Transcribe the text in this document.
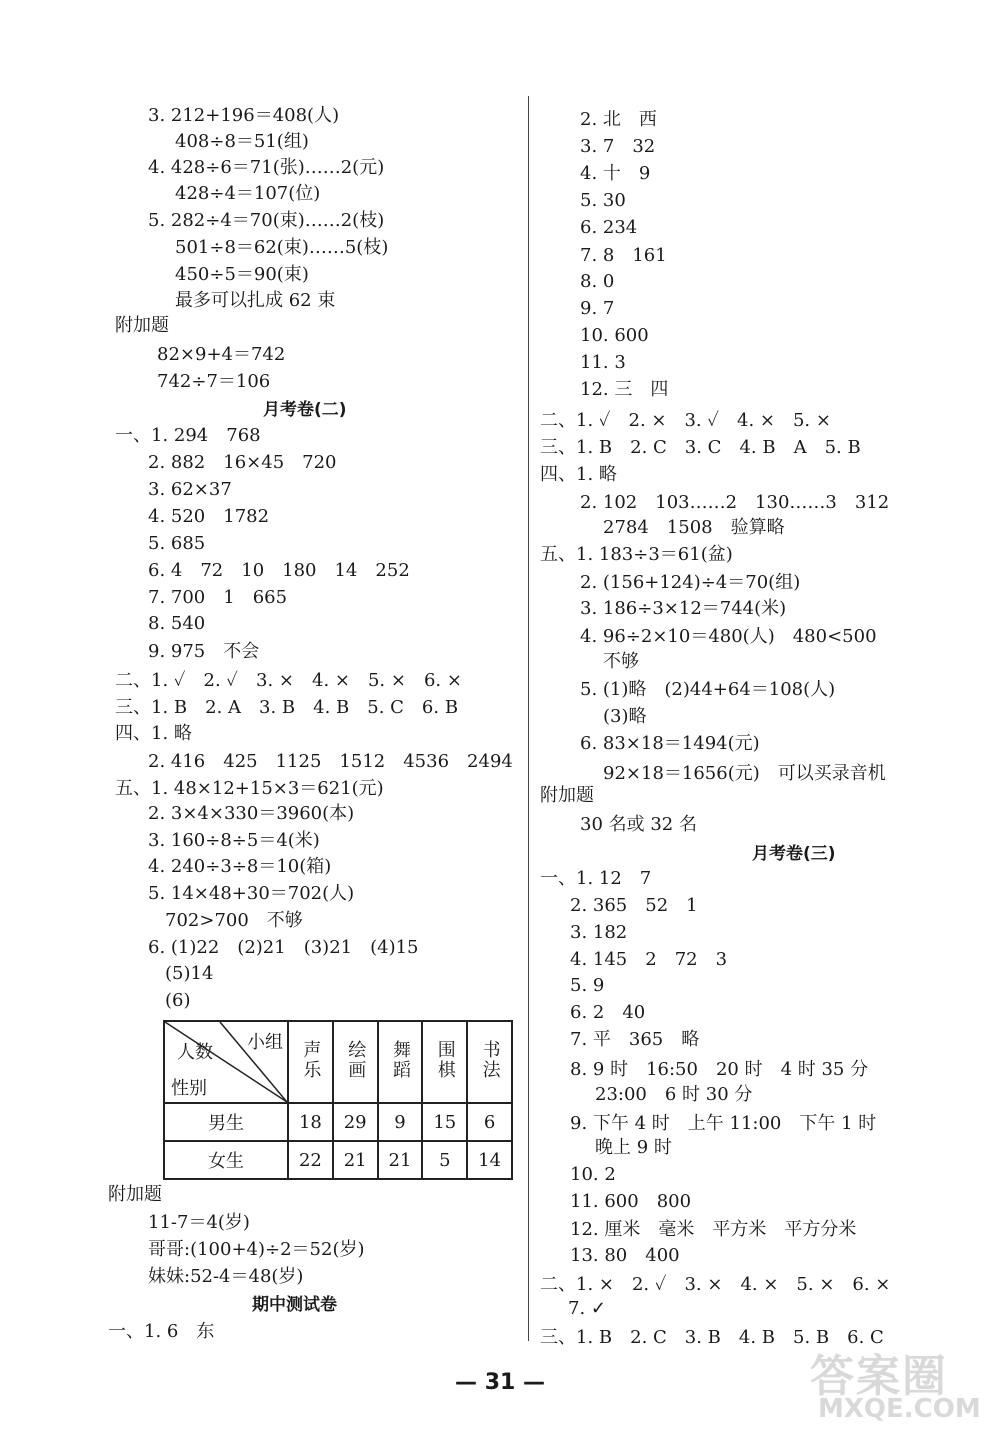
3. 212+196＝408(人)
408÷8＝51(组)
4. 428÷6＝71(张)……2(元)
428÷4＝107(位)
5. 282÷4＝70(束)……2(枝)
501÷8＝62(束)……5(枝)
450÷5＝90(束)
最多可以扎成 62 束
附加题
82×9+4＝742
742÷7＝106
月考卷(二)
一、1. 294　768
2. 882　16×45　720
3. 62×37
4. 520　1782
5. 685
6. 4　72　10　180　14　252
7. 700　1　665
8. 540
9. 975　不会
二、1. ✓　2. ✓　3. ×　4. ×　5. ×　6. ×
三、1. B　2. A　3. B　4. B　5. C　6. B
四、1. 略
2. 416　425　1125　1512　4536　2494
五、1. 48×12+15×3＝621(元)
2. 3×4×330＝3960(本)
3. 160÷8÷5＝4(米)
4. 240÷3÷8＝10(箱)
5. 14×48+30＝702(人)
702>700　不够
6. (1)22　(2)21　(3)21　(4)15
(5)14
(6)
小组
人数
性别	声乐	绘画	舞蹈	围棋	书法
男生	18	29	9	15	6
女生	22	21	21	5	14
附加题
11-7＝4(岁)
哥哥:(100+4)÷2＝52(岁)
妹妹:52-4＝48(岁)
期中测试卷
一、1. 6　东
2. 北　西
3. 7　32
4. 十　9
5. 30
6. 234
7. 8　161
8. 0
9. 7
10. 600
11. 3
12. 三　四
二、1. ✓　2. ×　3. ✓　4. ×　5. ×
三、1. B　2. C　3. C　4. B　A　5. B
四、1. 略
2. 102　103……2　130……3　312
2784　1508　验算略
五、1. 183÷3＝61(盆)
2. (156+124)÷4＝70(组)
3. 186÷3×12＝744(米)
4. 96÷2×10＝480(人)　480<500
不够
5. (1)略　(2)44+64＝108(人)
(3)略
6. 83×18＝1494(元)
92×18＝1656(元)　可以买录音机
附加题
30 名或 32 名
月考卷(三)
一、1. 12　7
2. 365　52　1
3. 182
4. 145　2　72　3
5. 9
6. 2　40
7. 平　365　略
8. 9 时　16:50　20 时　4 时 35 分
23:00　6 时 30 分
9. 下午 4 时　上午 11:00　下午 1 时
晚上 9 时
10. 2
11. 600　800
12. 厘米　毫米　平方米　平方分米
13. 80　400
二、1. ×　2. ✓　3. ×　4. ×　5. ×　6. ×
7. ✓
三、1. B　2. C　3. B　4. B　5. B　6. C
— 31 —	答案圈
MXQE.COM
